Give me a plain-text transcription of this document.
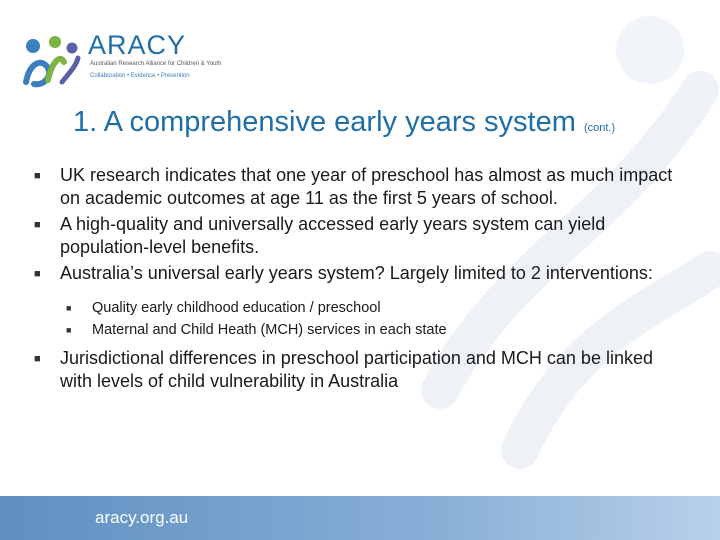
ARACY
Australian Research Alliance for Children & Youth
Collaboration • Evidence • Prevention
1. A comprehensive early years system (cont.)
■ UK research indicates that one year of preschool has almost as much impact on academic outcomes at age 11 as the first 5 years of school.
■ A high-quality and universally accessed early years system can yield population-level benefits.
■ Australia’s universal early years system? Largely limited to 2 interventions:
■ Quality early childhood education / preschool
■ Maternal and Child Heath (MCH) services in each state
■ Jurisdictional differences in preschool participation and MCH can be linked with levels of child vulnerability in Australia
aracy.org.au
